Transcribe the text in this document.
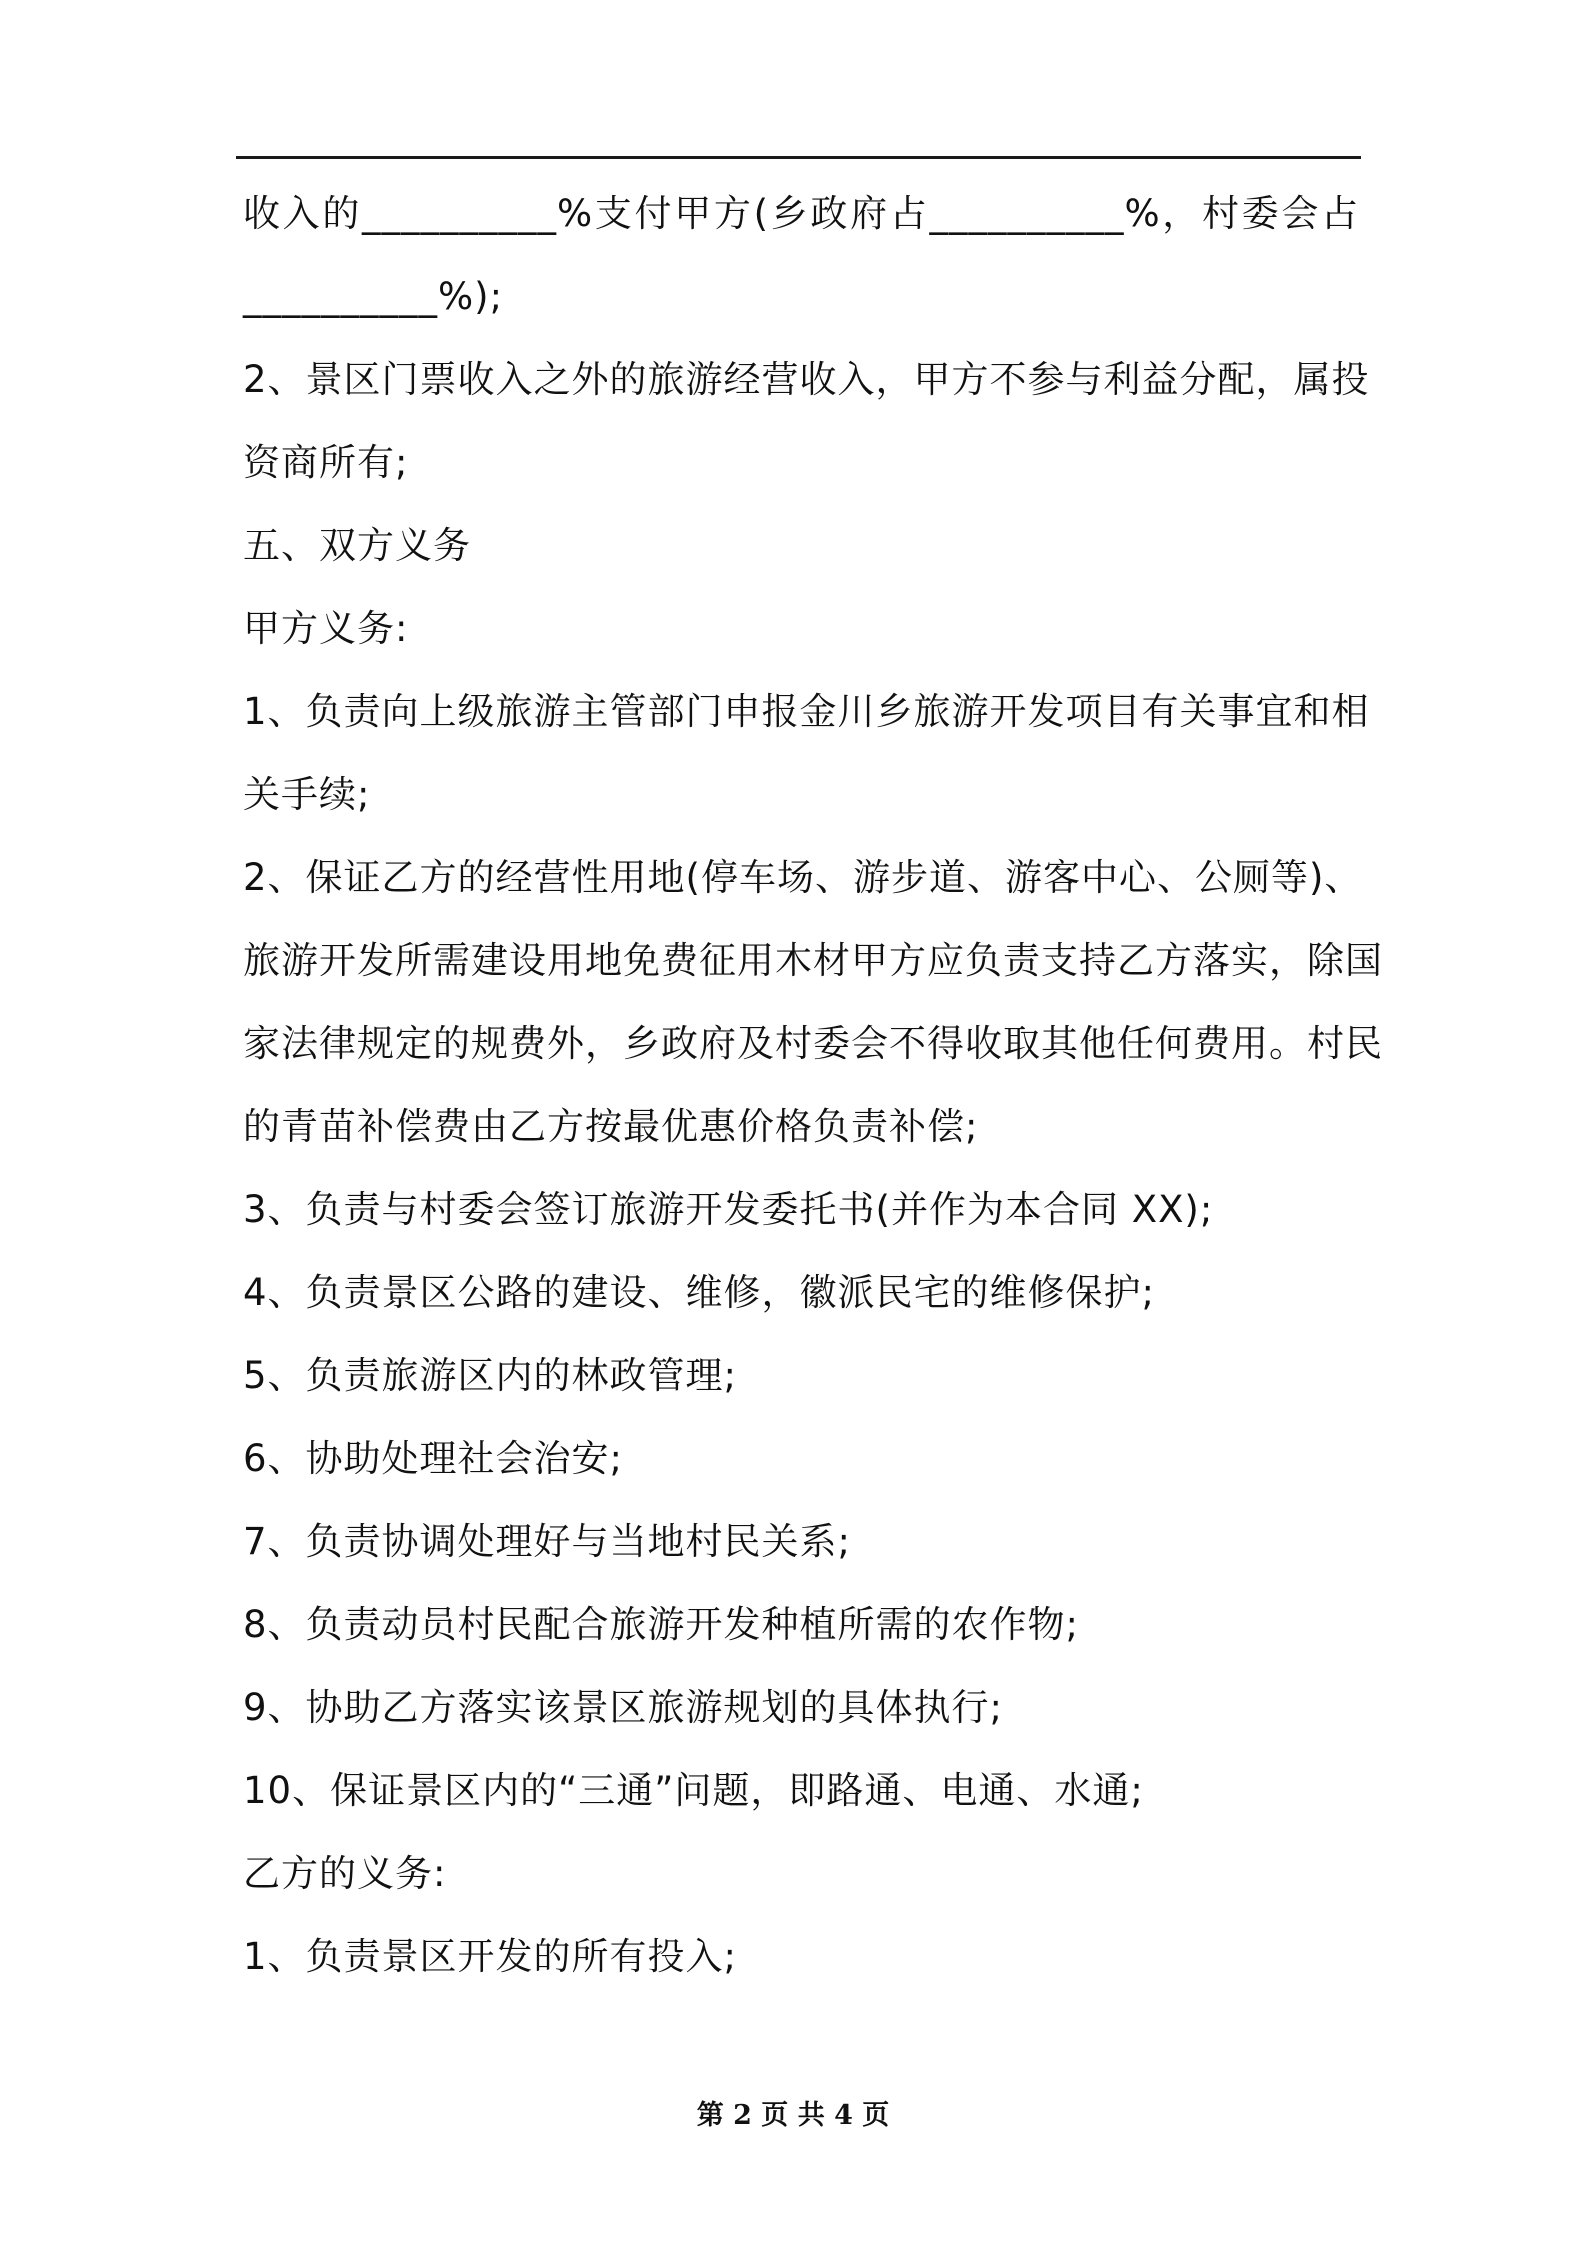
收入的__________%支付甲方(乡政府占__________%，村委会占
__________%);
2、景区门票收入之外的旅游经营收入，甲方不参与利益分配，属投
资商所有;
五、双方义务
甲方义务:
1、负责向上级旅游主管部门申报金川乡旅游开发项目有关事宜和相
关手续;
2、保证乙方的经营性用地(停车场、游步道、游客中心、公厕等)、
旅游开发所需建设用地免费征用木材甲方应负责支持乙方落实，除国
家法律规定的规费外，乡政府及村委会不得收取其他任何费用。村民
的青苗补偿费由乙方按最优惠价格负责补偿;
3、负责与村委会签订旅游开发委托书(并作为本合同 XX);
4、负责景区公路的建设、维修，徽派民宅的维修保护;
5、负责旅游区内的林政管理;
6、协助处理社会治安;
7、负责协调处理好与当地村民关系;
8、负责动员村民配合旅游开发种植所需的农作物;
9、协助乙方落实该景区旅游规划的具体执行;
10、保证景区内的“三通”问题，即路通、电通、水通;
乙方的义务:
1、负责景区开发的所有投入;
第 2 页 共 4 页
